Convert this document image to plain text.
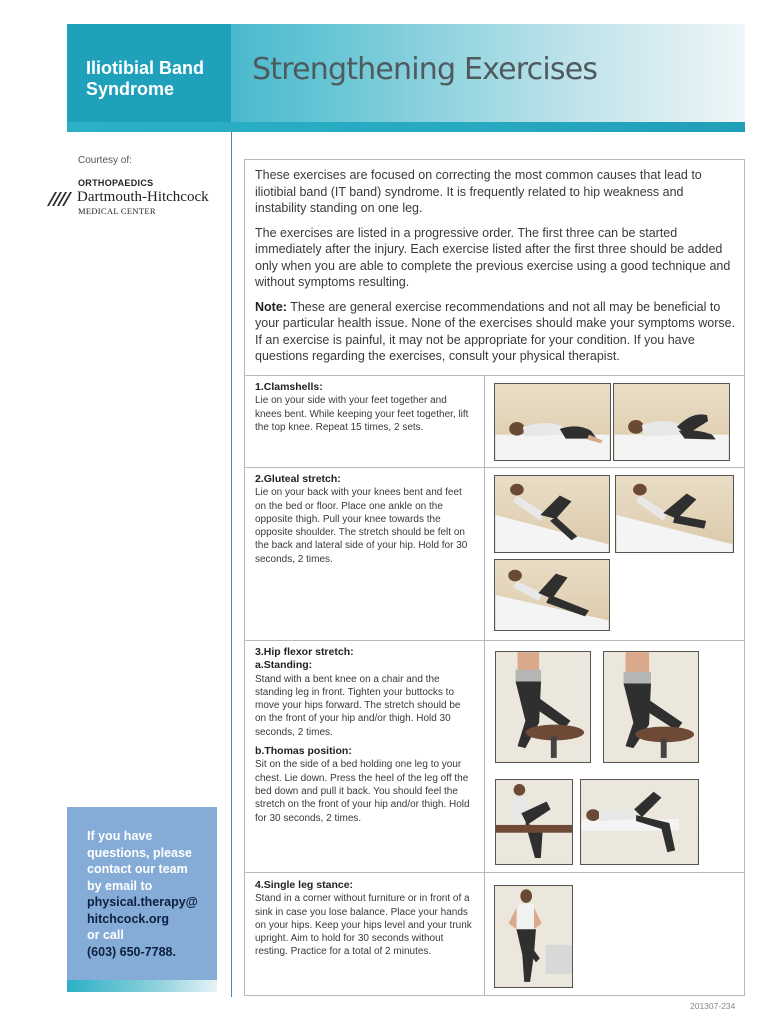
Iliotibial Band
Syndrome
Strengthening Exercises
Courtesy of:
ORTHOPAEDICS
Dartmouth-Hitchcock
MEDICAL CENTER
If you have
questions, please
contact our team
by email to
physical.therapy@
hitchcock.org
or call
(603) 650-7788.

These exercises are focused on correcting the most common causes that lead to iliotibial band (IT band) syndrome. It is frequently related to hip weakness and instability standing on one leg.

The exercises are listed in a progressive order. The first three can be started immediately after the injury. Each exercise listed after the first three should be added only when you are able to complete the previous exercise using a good technique and without symptoms resulting.

Note: These are general exercise recommendations and not all may be beneficial to your particular health issue. None of the exercises should make your symptoms worse. If an exercise is painful, it may not be appropriate for your condition. If you have questions regarding the exercises, consult your physical therapist.

1.Clamshells:
Lie on your side with your feet together and knees bent. While keeping your feet together, lift the top knee. Repeat 15 times, 2 sets.
2.Gluteal stretch:
Lie on your back with your knees bent and feet on the bed or floor. Place one ankle on the opposite thigh. Pull your knee towards the opposite shoulder. The stretch should be felt on the back and lateral side of your hip. Hold for 30 seconds, 2 times.
3.Hip flexor stretch:
a.Standing:

Stand with a bent knee on a chair and the standing leg in front. Tighten your buttocks to move your hips forward. The stretch should be on the front of your hip and/or thigh. Hold 30 seconds, 2 times.

b.Thomas position:
Sit on the side of a bed holding one leg to your chest. Lie down. Press the heel of the leg off the bed down and pull it back. You should feel the stretch on the front of your hip and/or thigh. Hold for 30 seconds, 2 times.
4.Single leg stance:
Stand in a corner without furniture or in front of a sink in case you lose balance. Place your hands on your hips. Keep your hips level and your trunk upright. Aim to hold for 30 seconds without resting. Practice for a total of 2 minutes.
201307-234
